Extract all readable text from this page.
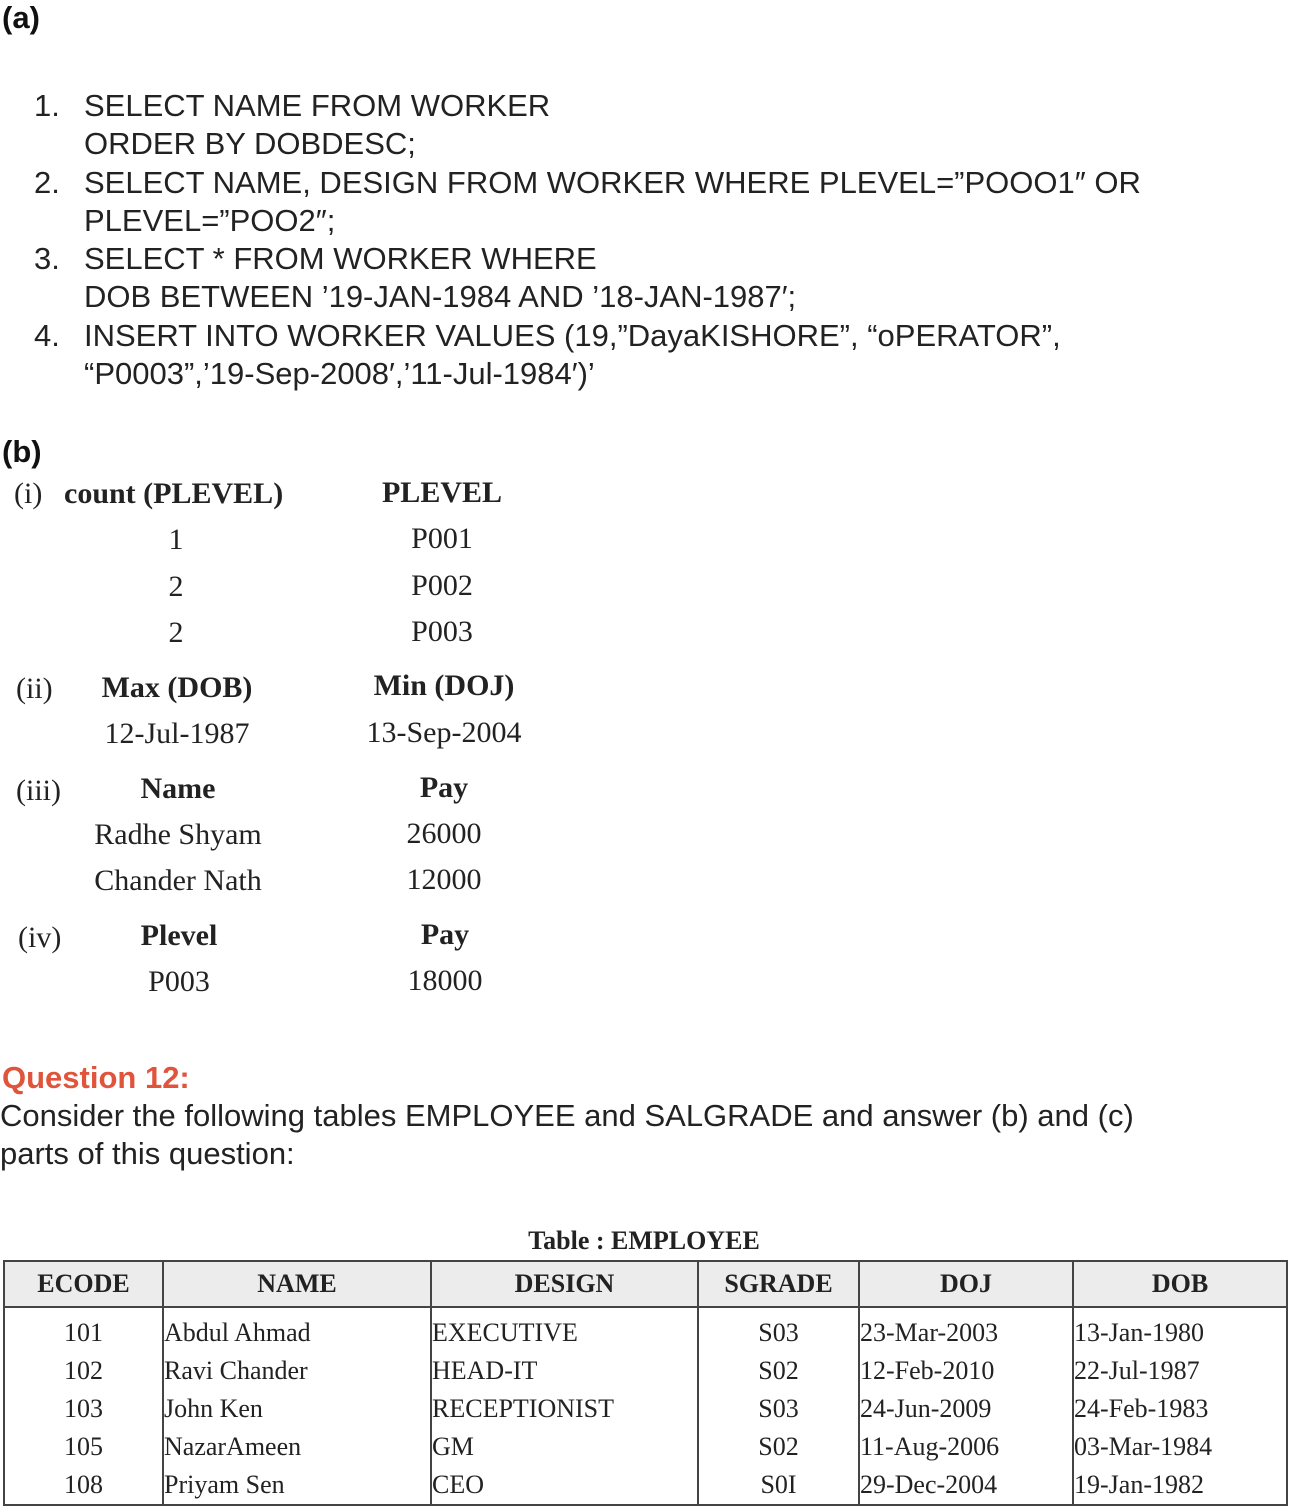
(a)
1. SELECT NAME FROM WORKER
ORDER BY DOBDESC;
2. SELECT NAME, DESIGN FROM WORKER WHERE PLEVEL=”POOO1″ OR
PLEVEL=”POO2″;
3. SELECT * FROM WORKER WHERE
DOB BETWEEN ’19-JAN-1984 AND ’18-JAN-1987′;
4. INSERT INTO WORKER VALUES (19,”DayaKISHORE”, “oPERATOR”,
“P0003”,’19-Sep-2008′,’11-Jul-1984′)’
(b)
(i) count (PLEVEL)	PLEVEL
1	P001
2	P002
2	P003
(ii) Max (DOB)	Min (DOJ)
12-Jul-1987	13-Sep-2004
(iii)	Name	Pay
Radhe Shyam	26000
Chander Nath	12000
(iv)	Plevel	Pay
P003	18000
Question 12:
Consider the following tables EMPLOYEE and SALGRADE and answer (b) and (c)
parts of this question:
Table : EMPLOYEE
ECODE	NAME	DESIGN	SGRADE	DOJ	DOB
101	Abdul Ahmad	EXECUTIVE	S03	23-Mar-2003	13-Jan-1980
102	Ravi Chander	HEAD-IT	S02	12-Feb-2010	22-Jul-1987
103	John Ken	RECEPTIONIST	S03	24-Jun-2009	24-Feb-1983
105	NazarAmeen	GM	S02	11-Aug-2006	03-Mar-1984
108	Priyam Sen	CEO	S0I	29-Dec-2004	19-Jan-1982
